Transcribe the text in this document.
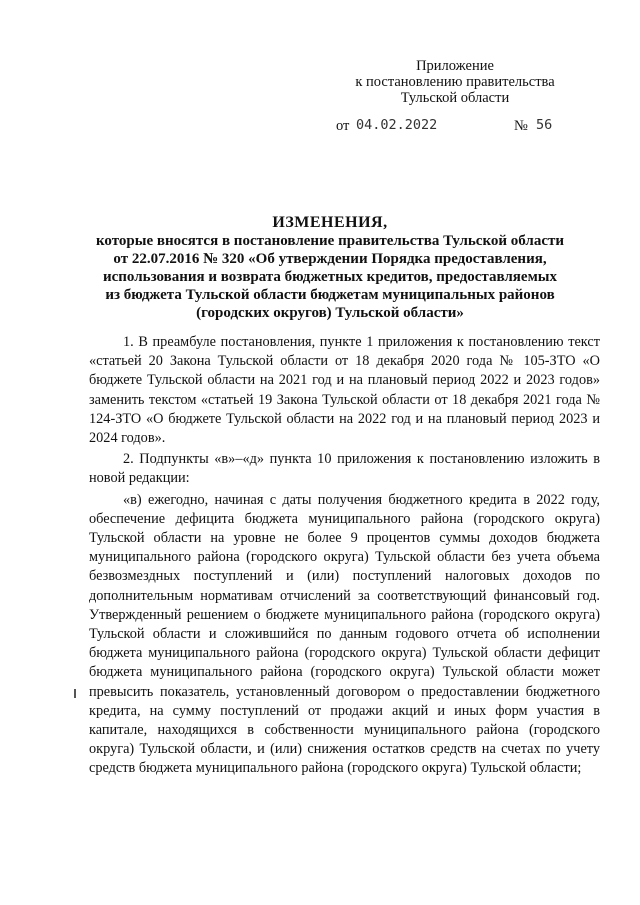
Приложение
к постановлению правительства
Тульской области
от 04.02.2022	№ 56
ИЗМЕНЕНИЯ,
которые вносятся в постановление правительства Тульской области
от 22.07.2016 № 320 «Об утверждении Порядка предоставления,
использования и возврата бюджетных кредитов, предоставляемых
из бюджета Тульской области бюджетам муниципальных районов
(городских округов) Тульской области»

1. В преамбуле постановления, пункте 1 приложения к постановлению текст «статьей 20 Закона Тульской области от 18 декабря 2020 года № 105-ЗТО «О бюджете Тульской области на 2021 год и на плановый период 2022 и 2023 годов» заменить текстом «статьей 19 Закона Тульской области от 18 декабря 2021 года № 124-ЗТО «О бюджете Тульской области на 2022 год и на плановый период 2023 и 2024 годов».

2. Подпункты «в»–«д» пункта 10 приложения к постановлению изложить в новой редакции:

«в) ежегодно, начиная с даты получения бюджетного кредита в 2022 году, обеспечение дефицита бюджета муниципального района (городского округа) Тульской области на уровне не более 9 процентов суммы доходов бюджета муниципального района (городского округа) Тульской области без учета объема безвозмездных поступлений и (или) поступлений налоговых доходов по дополнительным нормативам отчислений за соответствующий финансовый год. Утвержденный решением о бюджете муниципального района (городского округа) Тульской области и сложившийся по данным годового отчета об исполнении бюджета муниципального района (городского округа) Тульской области дефицит бюджета муниципального района (городского округа) Тульской области может превысить показатель, установленный договором о предоставлении бюджетного кредита, на сумму поступлений от продажи акций и иных форм участия в капитале, находящихся в собственности муниципального района (городского округа) Тульской области, и (или) снижения остатков средств на счетах по учету средств бюджета муниципального района (городского округа) Тульской области;
